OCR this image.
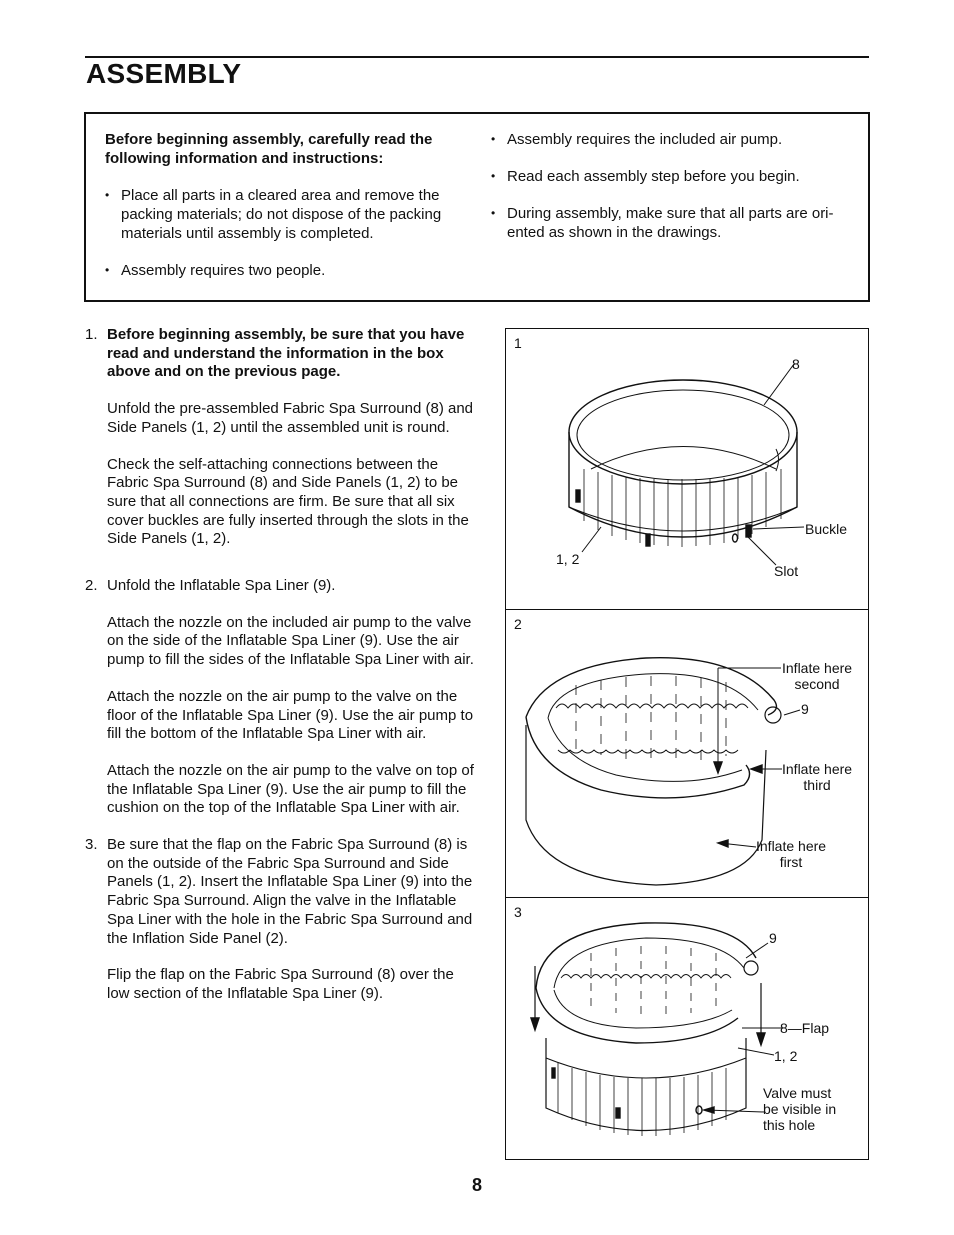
ASSEMBLY

Before beginning assembly, carefully read the following information and instructions:

• Place all parts in a cleared area and remove the packing materials; do not dispose of the packing materials until assembly is completed.
• Assembly requires two people.
• Assembly requires the included air pump.
• Read each assembly step before you begin.
• During assembly, make sure that all parts are ori-ented as shown in the drawings.
1. Before beginning assembly, be sure that you have read and understand the information in the box above and on the previous page.

Unfold the pre-assembled Fabric Spa Surround (8) and Side Panels (1, 2) until the assembled unit is round.

Check the self-attaching connections between the Fabric Spa Surround (8) and Side Panels (1, 2) to be sure that all connections are firm. Be sure that all six cover buckles are fully inserted through the slots in the Side Panels (1, 2).

2. Unfold the Inflatable Spa Liner (9).

Attach the nozzle on the included air pump to the valve on the side of the Inflatable Spa Liner (9). Use the air pump to fill the sides of the Inflatable Spa Liner with air.

Attach the nozzle on the air pump to the valve on the floor of the Inflatable Spa Liner (9). Use the air pump to fill the bottom of the Inflatable Spa Liner with air.

Attach the nozzle on the air pump to the valve on top of the Inflatable Spa Liner (9). Use the air pump to fill the cushion on the top of the Inflatable Spa Liner with air.

3. Be sure that the flap on the Fabric Spa Surround (8) is on the outside of the Fabric Spa Surround and Side Panels (1, 2). Insert the Inflatable Spa Liner (9) into the Fabric Spa Surround. Align the valve in the Inflatable Spa Liner with the hole in the Fabric Spa Surround and the Inflation Side Panel (2).

Flip the flap on the Fabric Spa Surround (8) over the low section of the Inflatable Spa Liner (9).

1
8
Buckle
1, 2
Slot
2
Inflate here
second
9
Inflate here
third
Inflate here
first
3
9
8—Flap
1, 2
Valve must
be visible in
this hole
8
